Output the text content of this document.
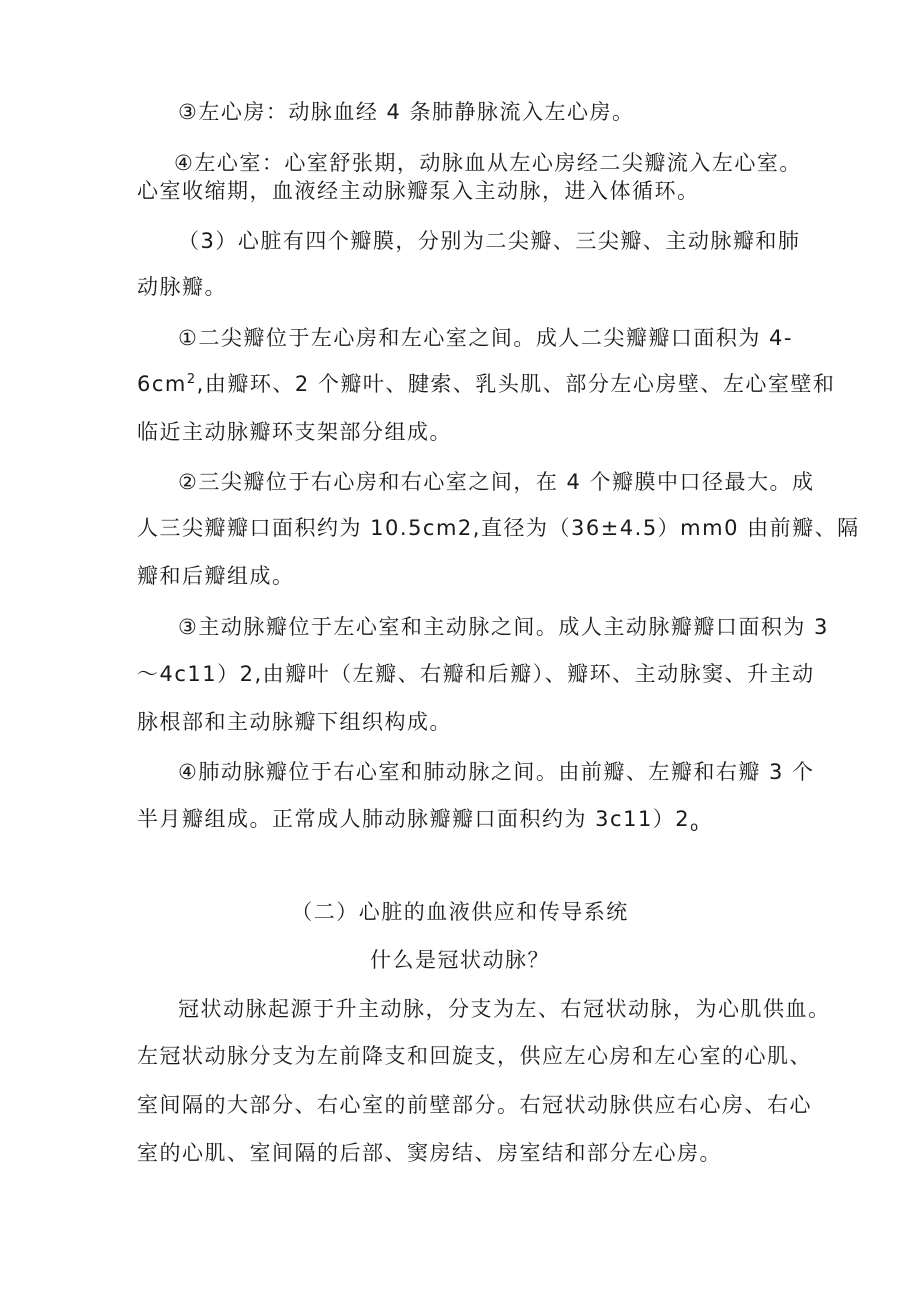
③左心房：动脉血经 4 条肺静脉流入左心房。
④左心室：心室舒张期，动脉血从左心房经二尖瓣流入左心室。
心室收缩期，血液经主动脉瓣泵入主动脉，进入体循环。
（3）心脏有四个瓣膜，分别为二尖瓣、三尖瓣、主动脉瓣和肺
动脉瓣。
①二尖瓣位于左心房和左心室之间。成人二尖瓣瓣口面积为 4-
$6cm^2$,由瓣环、2 个瓣叶、腱索、乳头肌、部分左心房壁、左心室壁和
临近主动脉瓣环支架部分组成。
②三尖瓣位于右心房和右心室之间，在 4 个瓣膜中口径最大。成
人三尖瓣瓣口面积约为 10.5cm2,直径为（36±4.5）mm0 由前瓣、隔
瓣和后瓣组成。
③主动脉瓣位于左心室和主动脉之间。成人主动脉瓣瓣口面积为 3
～4c11）2,由瓣叶（左瓣、右瓣和后瓣）、瓣环、主动脉窦、升主动
脉根部和主动脉瓣下组织构成。
④肺动脉瓣位于右心室和肺动脉之间。由前瓣、左瓣和右瓣 3 个
半月瓣组成。正常成人肺动脉瓣瓣口面积约为 $3c11)2_o$
（二）心脏的血液供应和传导系统
什么是冠状动脉？
冠状动脉起源于升主动脉，分支为左、右冠状动脉，为心肌供血。
左冠状动脉分支为左前降支和回旋支，供应左心房和左心室的心肌、
室间隔的大部分、右心室的前壁部分。右冠状动脉供应右心房、右心
室的心肌、室间隔的后部、窦房结、房室结和部分左心房。
